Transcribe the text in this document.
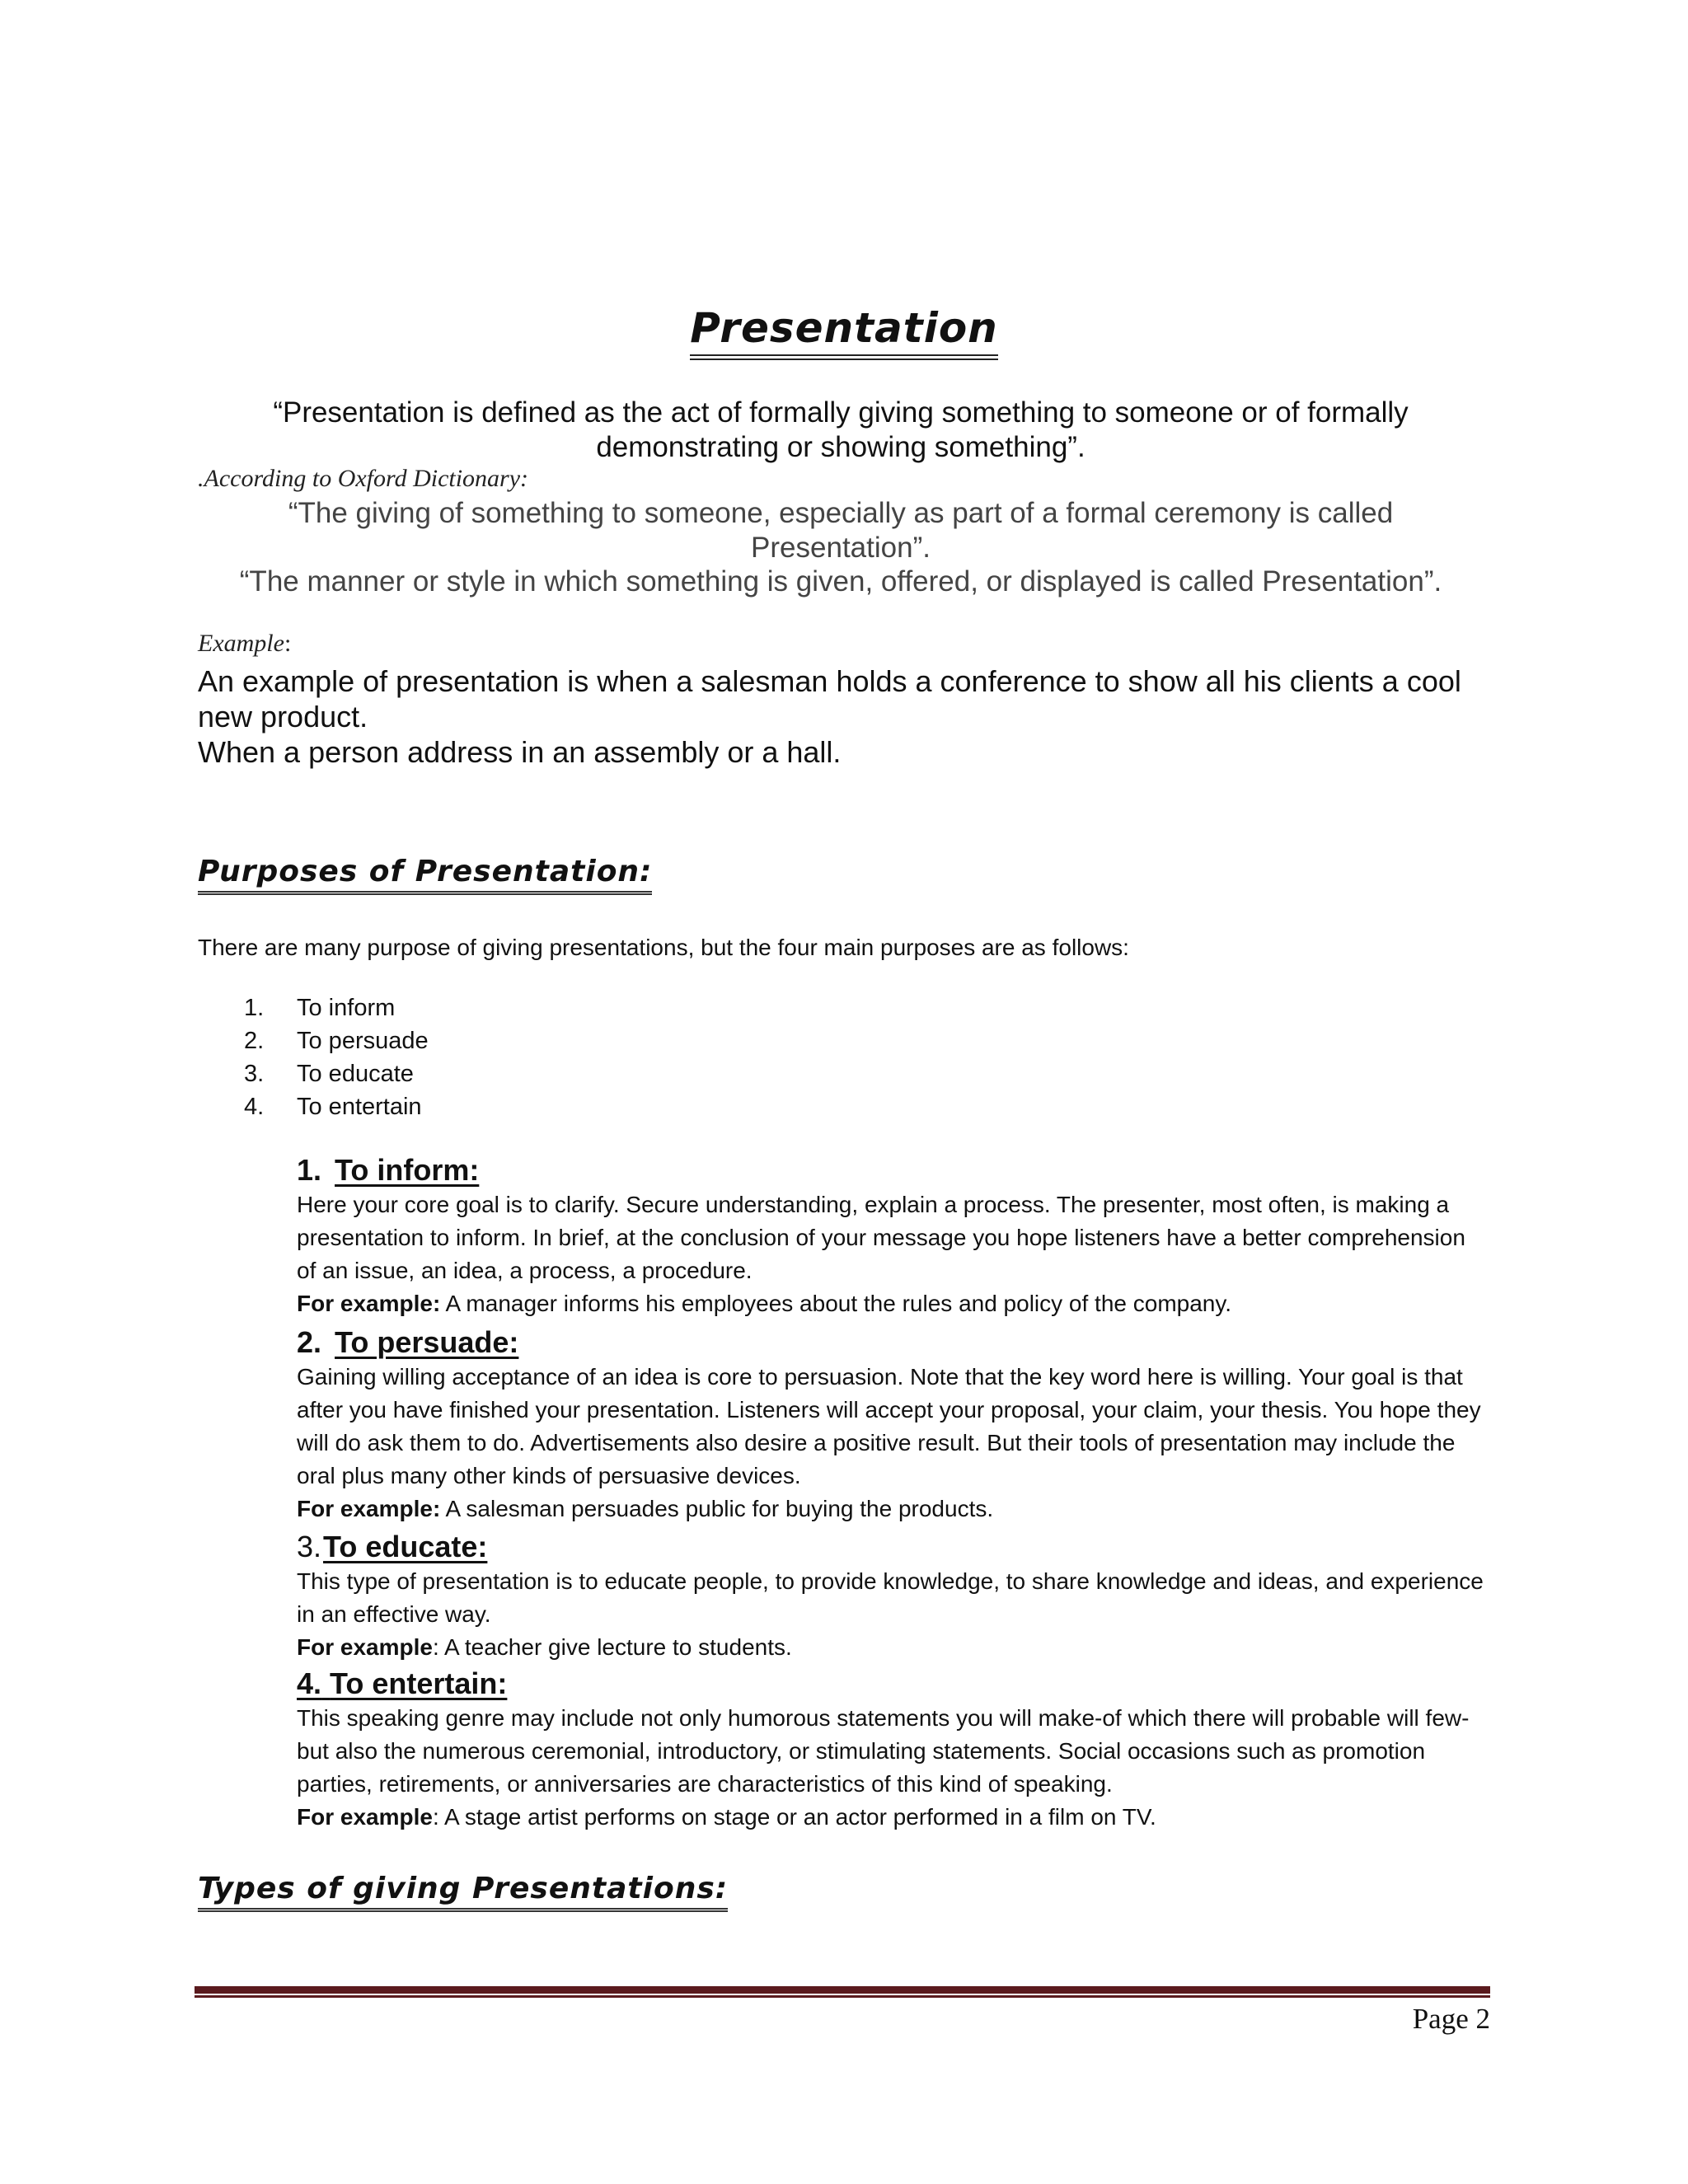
Presentation
“Presentation is defined as the act of formally giving something to someone or of formally demonstrating or showing something”.
.According to Oxford Dictionary:
“The giving of something to someone, especially as part of a formal ceremony is called Presentation”.
“The manner or style in which something is given, offered, or displayed is called Presentation”.
Example:
An example of presentation is when a salesman holds a conference to show all his clients a cool new product.
When a person address in an assembly or a hall.
Purposes of Presentation:
There are many purpose of giving presentations, but the four main purposes are as follows:
1.	To inform
2.	To persuade
3.	To educate
4.	To entertain
1. To inform:

Here your core goal is to clarify. Secure understanding, explain a process. The presenter, most often, is making a presentation to inform. In brief, at the conclusion of your message you hope listeners have a better comprehension of an issue, an idea, a process, a procedure.

For example: A manager informs his employees about the rules and policy of the company.

2. To persuade:

Gaining willing acceptance of an idea is core to persuasion. Note that the key word here is willing. Your goal is that after you have finished your presentation. Listeners will accept your proposal, your claim, your thesis. You hope they will do ask them to do. Advertisements also desire a positive result. But their tools of presentation may include the oral plus many other kinds of persuasive devices.

For example: A salesman persuades public for buying the products.

3.To educate:

This type of presentation is to educate people, to provide knowledge, to share knowledge and ideas, and experience in an effective way.

For example: A teacher give lecture to students.

4. To entertain:

This speaking genre may include not only humorous statements you will make-of which there will probable will few-but also the numerous ceremonial, introductory, or stimulating statements. Social occasions such as promotion parties, retirements, or anniversaries are characteristics of this kind of speaking.

For example: A stage artist performs on stage or an actor performed in a film on TV.

Types of giving Presentations:
Page 2
